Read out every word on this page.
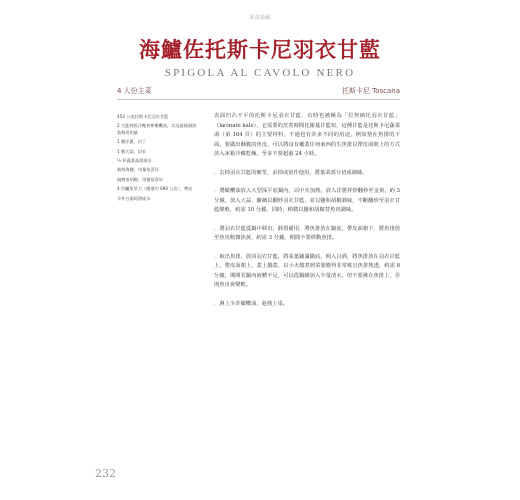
美食篇幅
海鱸佐托斯卡尼羽衣甘藍
SPIGOLA AL CAVOLO NERO
4 人份主菜	托斯卡尼 Toscana
454 公克托斯卡尼羽衣甘藍
2 大匙特級冷壓初榨橄欖油，以及最後淋油裝飾用的量
1 顆洋蔥，切丁
1 顆大蒜，切末
½ 杯蔬菜高湯或水
新鮮海鹽，用量依喜好
現磨黑胡椒，用量依喜好
4 份鱸魚菲力（總重約 680 公克），帶皮
半杯白葡萄酒或水

表面凹凸不平的托斯卡尼羽衣甘藍，有時也被稱為「拉契納托羽衣甘藍」（lacinato kale），它需要的烹煮時間比羅蔓甘藍短，這種甘藍是托斯卡尼蔬菜湯（第 164 頁）的主要材料，不過也有許多不同的用途，例如墊在魚排的下面。要做出酥脆的魚皮，可以將沒有覆蓋任何東西的生魚排以帶皮面朝上的方式放入冰箱冷藏乾燥，至多不要超過 24 小時。

．去掉羽衣甘藍的硬莖，丟掉或留作他用，將葉菜部分切成細絲。

．將橄欖油放入大型深平底鍋內，以中火加熱，放入洋蔥拌炒翻炒至金黃，約 3 分鐘，放入大蒜，繼續以翻炒羽衣甘藍，並以鹽和胡椒調味，不斷翻炒至羽衣甘藍變軟，約需 10 分鐘，同時，稍微以鹽和胡椒替魚肉調味。

．將羽衣甘藍從鍋中移出，靜置備用，將魚排放在鍋底，帶皮面朝下，將魚排煎至魚皮稍微焦黃，約需 3 分鐘，期間不要移動魚排。

．取出魚排，放回羽衣甘藍，將菜葉鋪滿鍋底，倒入白酒，將魚排放在羽衣甘藍上，帶皮面朝上，蓋上鍋蓋，以小火燉煮到菜葉變得非常軟且魚排熟透，約需 8 分鐘，期間若鍋內液體不足，可以從鍋緣加入少量清水，但不要淋在魚排上，否則魚皮會變軟。

．淋上少許橄欖油，趁熱上桌。

232
